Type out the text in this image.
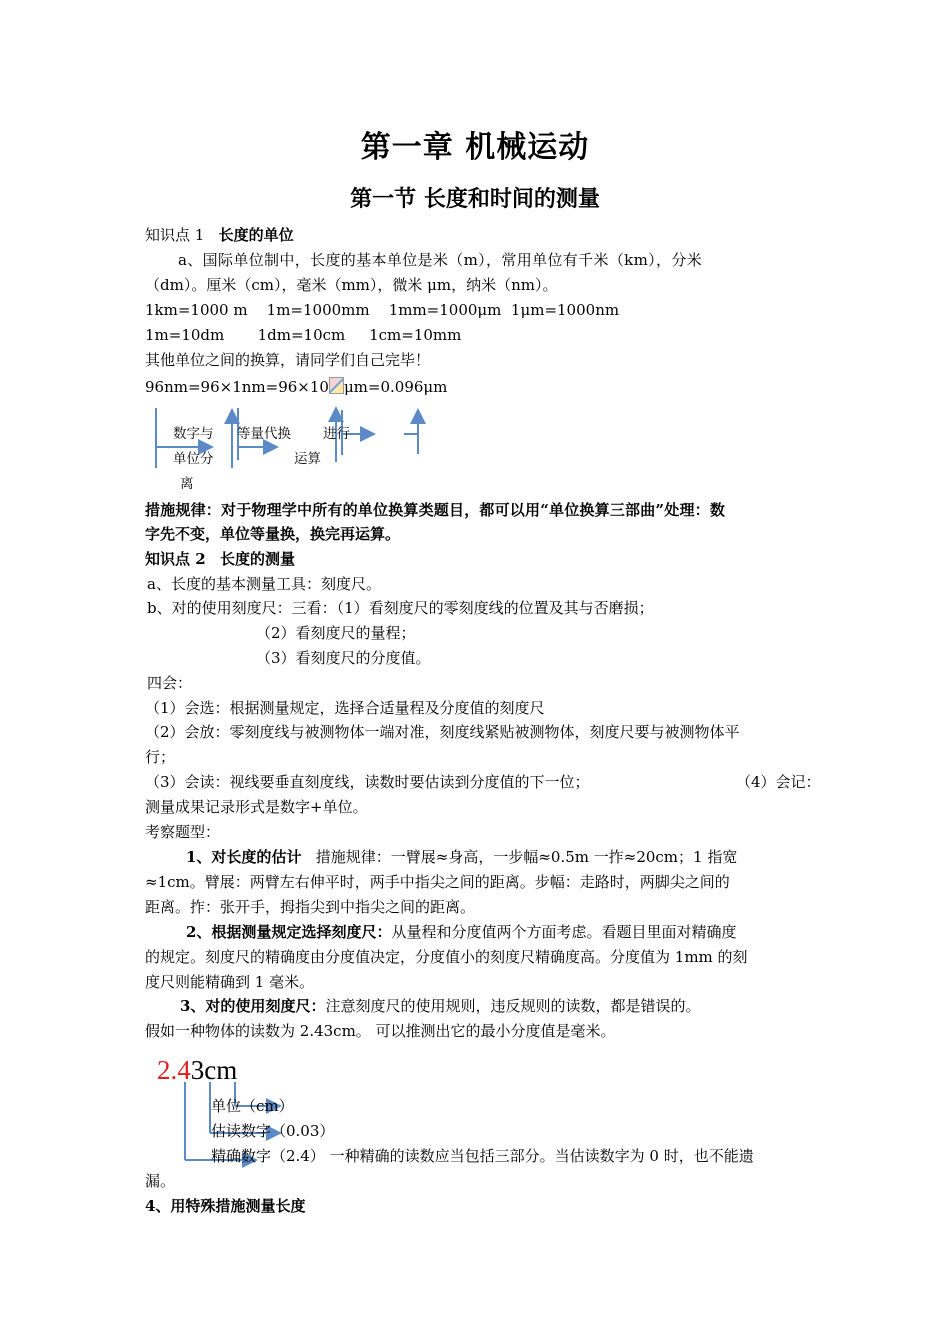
第一章 机械运动
第一节 长度和时间的测量
知识点 1 长度的单位
a、国际单位制中，长度的基本单位是米（m），常用单位有千米（km），分米
（dm）。厘米（cm），毫米（mm），微米 μm，纳米（nm）。
1km=1000 m    1m=1000mm    1mm=1000μm  1μm=1000nm
1m=10dm       1dm=10cm     1cm=10mm
其他单位之间的换算，请同学们自己完毕！
96nm=96×1nm=96×10 μm=0.096μm
数字与
单位分
离
等量代换 进行
运算
措施规律：对于物理学中所有的单位换算类题目，都可以用“单位换算三部曲”处理：数
字先不变，单位等量换，换完再运算。
知识点 2 长度的测量
a、长度的基本测量工具：刻度尺。
b、对的使用刻度尺：三看：（1）看刻度尺的零刻度线的位置及其与否磨损；
（2）看刻度尺的量程；
（3）看刻度尺的分度值。
四会：
（1）会选：根据测量规定，选择合适量程及分度值的刻度尺
（2）会放：零刻度线与被测物体一端对准，刻度线紧贴被测物体，刻度尺要与被测物体平
行；
（3）会读：视线要垂直刻度线，读数时要估读到分度值的下一位；	（4）会记：
测量成果记录形式是数字+单位。
考察题型：
1、对长度的估计 措施规律：一臂展≈身高，一步幅≈0.5m 一拃≈20cm；1 指宽
≈1cm。臂展：两臂左右伸平时，两手中指尖之间的距离。步幅：走路时，两脚尖之间的
距离。拃：张开手，拇指尖到中指尖之间的距离。
2、根据测量规定选择刻度尺：从量程和分度值两个方面考虑。看题目里面对精确度
的规定。刻度尺的精确度由分度值决定，分度值小的刻度尺精确度高。分度值为 1mm 的刻
度尺则能精确到 1 毫米。
3、对的使用刻度尺：注意刻度尺的使用规则，违反规则的读数，都是错误的。
假如一种物体的读数为 2.43cm。 可以推测出它的最小分度值是毫米。
2.43cm
单位（cm）
估读数字（0.03）
精确数字（2.4） 一种精确的读数应当包括三部分。当估读数字为 0 时，也不能遗
漏。
4、用特殊措施测量长度
